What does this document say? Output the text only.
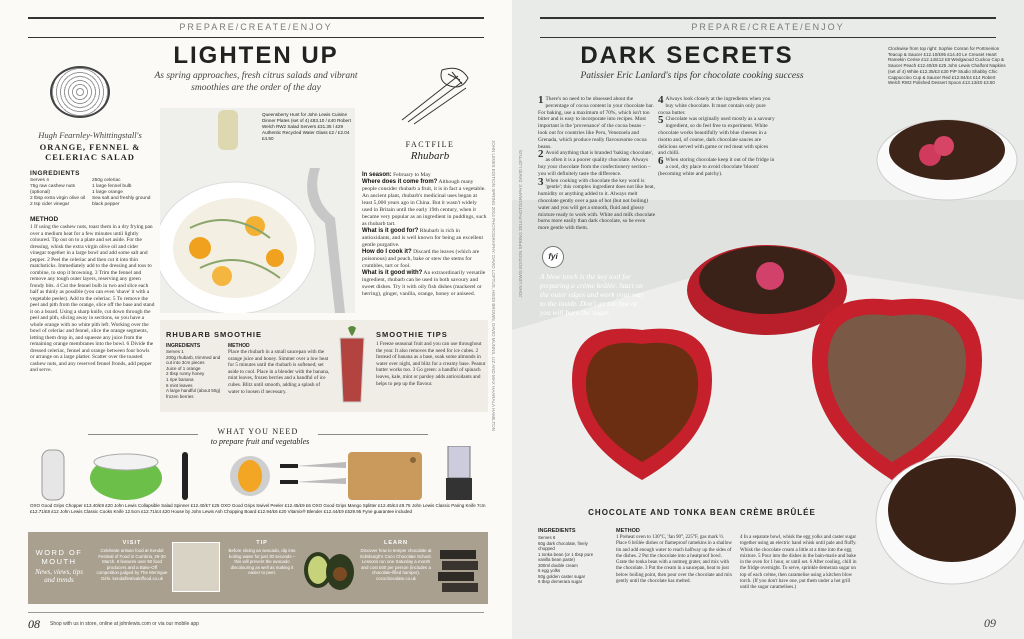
PREPARE/CREATE/ENJOY
LIGHTEN UP
As spring approaches, fresh citrus salads and vibrant smoothies are the order of the day
Hugh Fearnley-Whittingstall's
ORANGE, FENNEL & CELERIAC SALAD
INGREDIENTS
Serves 4
75g raw cashew nuts (optional)
2 tbsp extra virgin olive oil
2 tsp cider vinegar
250g celeriac
1 large fennel bulb
1 large orange
Sea salt and freshly ground black pepper
METHOD
1 If using the cashew nuts, toast them in a dry frying pan over a medium heat for a few minutes until lightly coloured. Tip out on to a plate and set aside. For the dressing, whisk the extra virgin olive oil and cider vinegar together in a large bowl and add some salt and pepper. 2 Peel the celeriac and then cut it into thin matchsticks. Immediately add to the dressing and toss to combine, to stop it browning. 3 Trim the fennel and remove any tough outer layers, reserving any green frondy bits. 4 Cut the fennel bulb in two and slice each half as thinly as possible (you can even 'shave' it with a vegetable peeler). Add to the celeriac. 5 To remove the peel and pith from the orange, slice off the base and stand it on a board. Using a sharp knife, cut down through the peel and pith, slicing away in sections, so you have a whole orange with no white pith left. Working over the bowl of celeriac and fennel, slice the orange segments, letting them drop in, and squeeze any juice from the remaining orange membranes into the bowl. 6 Divide the dressed celeriac, fennel and orange between four bowls or arrange on a large platter. Scatter over the toasted cashew nuts, and any reserved fennel fronds, add pepper and serve.
Queensberry Hunt for John Lewis Cuisine Dinner Plates (set of 4) £83.10 / £40 Robert Welch RW2 Salad Servers £31.35 / £29 Authentic Recycled Water Glass £2 / £2.04 £4.50
FACTFILE
Rhubarb

In season: February to May

Where does it come from? Although many people consider rhubarb a fruit, it is in fact a vegetable. An ancient plant, rhubarb's medicinal uses began at least 5,000 years ago in China. But it wasn't widely used in Britain until the early 19th century, when it became very popular as an ingredient in puddings, such as rhubarb tart.

What is it good for? Rhubarb is rich in antioxidants, and is well known for being an excellent gentle purgative.

How do I cook it? Discard the leaves (which are poisonous) and peach, bake or stew the stems for crumbles, tart or fool.

What is it good with? An extraordinarily versatile ingredient, rhubarb can be used in both savoury and sweet dishes. Try it with oily fish dishes (mackerel or herring), ginger, vanilla, orange, honey or aniseed.

RHUBARB SMOOTHIE
INGREDIENTS	METHOD
Serves 1
200g rhubarb, trimmed and cut into 3cm pieces
Juice of 1 orange
2 tbsp runny honey
1 ripe banana
6 mint leaves
A large handful (about 50g) frozen berries
Place the rhubarb in a small saucepan with the orange juice and honey. Simmer over a low heat for 5 minutes until the rhubarb is softened; set aside to cool. Place in a blender with the banana, mint leaves, frozen berries and a handful of ice cubes. Blitz until smooth, adding a splash of water to loosen if necessary.
SMOOTHIE TIPS
1 Freeze seasonal fruit and you can use throughout the year. It also removes the need for ice cubes. 2 Instead of banana as a base, soak some almonds in water over night, and blitz for a creamy base. Peanut butter works too. 3 Go green: a handful of spinach leaves, kale, mint or parsley adds antioxidants and helps to pep up the flavour.
WHAT YOU NEED
to prepare fruit and vegetables
OXO Good Grips Chopper £13.40/£9 £20 John Lewis Collapsible Salad Spinner £12.40/£7 £25 OXO Good Grips Swivel Peeler £12.45/£9 £6 OXO Good Grips Mango Splitter £12.45/£4 £9.75 John Lewis Classic Paring Knife 7cm £12.71/£8 £12 John Lewis Classic Cooks Knife 12.5cm £12.71/£4 £20 House by John Lewis Ash Chopping Board £12.94/£6 £20 Vitamix® Blender £12.44/£9 £529.95 Fyne guarantee included
WORD OF MOUTH
News, views, tips and trends
VISIT
Celebrate artisan food at Kendal Festival of Food in Cumbria, 29-30 March. It features over 60 food producers and a Bake-Off competition judged by The Meringue Girls. kendalfestivaloffood.co.uk
TIP
Before slicing an avocado, dip into boiling water for just 30 seconds – this will prevent the avocado discolouring as well as making it easier to peel.
LEARN
Discover how to temper chocolate at Edinburgh's Coco Chocolate School. Lessons run one Saturday a month and cost £60 per person (includes a chocolate-filled hamper). cocochocolate.co.uk
08 Shop with us in store, online at johnlewis.com or via our mobile app
JOHN LEWIS EDITION SPRING 2014 PHOTOGRAPHY: DAVID LOFTUS, HEIDI BROWN, DAVID MUNNS, LIZ AND MAX HAARALA HAMILTON
PREPARE/CREATE/ENJOY
DARK SECRETS
Patissier Eric Lanlard's tips for chocolate cooking success
Clockwise from top right: Sophie Conran for Portmeirion Teacup & Saucer £12.10/£95 £14.40 Le Creuset Heart Ramekin Cerise £12.14/£12 £8 Wedgwood Cuckoo Cup & Saucer Peach £12.40/£9 £25 John Lewis Chalfont Napkins (set of 4) White £12.35/£3 £30 PiP Studio Shabby Chic Cappuccino Cup & Saucer Red £12.84/£4 £14 Robert Welch RW2 Polished Dessert Spoon £13.13/£0 £3.50

1 There's no need to be obsessed about the percentage of cocoa content in your chocolate bar. For baking, use a maximum of 70%, which isn't too bitter and is easy to incorporate into recipes. Most important is the 'provenance' of the cocoa beans – look out for countries like Peru, Venezuela and Grenada, which produce really flavoursome cocoa beans.

2 Avoid anything that is branded 'baking chocolate', as often it is a poorer quality chocolate. Always buy your chocolate from the confectionery section – you will definitely taste the difference.

3 When cooking with chocolate the key word is 'gentle'; this complex ingredient does not like heat, humidity or anything added to it. Always melt chocolate gently over a pan of hot (but not boiling) water and you will get a smooth, fluid and glossy mixture ready to work with. White and milk chocolate burns more easily than dark chocolate, so be even more gentle with them.

4 Always look closely at the ingredients when you buy white chocolate. It must contain only pure cocoa butter.

5 Chocolate was originally used mostly as a savoury ingredient, so do feel free to experiment. White chocolate works beautifully with blue cheeses in a risotto and, of course, dark chocolate sauces are delicious served with game or red meat with spices and chilli.

6 When storing chocolate keep it out of the fridge in a cool, dry place to avoid chocolate 'bloom' (becoming white and patchy).

fyi
A blow torch is the key tool for preparing a crème brûlée. Start on the outer edges and work your way to the inside. Don't go too fast or you will burn the sugar.
CHOCOLATE AND TONKA BEAN CRÈME BRÛLÉE
INGREDIENTS	METHOD
Serves 6
60g dark chocolate, finely chopped
1 tonka bean (or 1 tbsp pure vanilla bean paste)
300ml double cream
6 egg yolks
50g golden caster sugar
6 tbsp demerara sugar
1 Preheat oven to 130°C, 'fan 90°, 225°F, gas mark ½. Place 6 brûlée dishes or flameproof ramekins in a shallow tin and add enough water to reach halfway up the sides of the dishes. 2 Put the chocolate into a heatproof bowl. Grate the tonka bean with a nutmeg grater, and mix with the chocolate. 3 Put the cream in a saucepan, heat to just below boiling point, then pour over the chocolate and mix gently until the chocolate has melted.
4 In a separate bowl, whisk the egg yolks and caster sugar together using an electric hand whisk until pale and fluffy. Whisk the chocolate cream a little at a time into the egg mixture. 5 Pour into the dishes in the bain-marie and bake in the oven for 1 hour, or until set. 6 After cooling, chill in the fridge overnight. To serve, sprinkle demerara sugar on top of each crème, then caramelise using a kitchen blow torch. (If you don't have one, put them under a hot grill until the sugar caramelises.)
JOHN LEWIS EDITION SPRING 2014 PHOTOGRAPHY: DAVID LOFTUS
09
